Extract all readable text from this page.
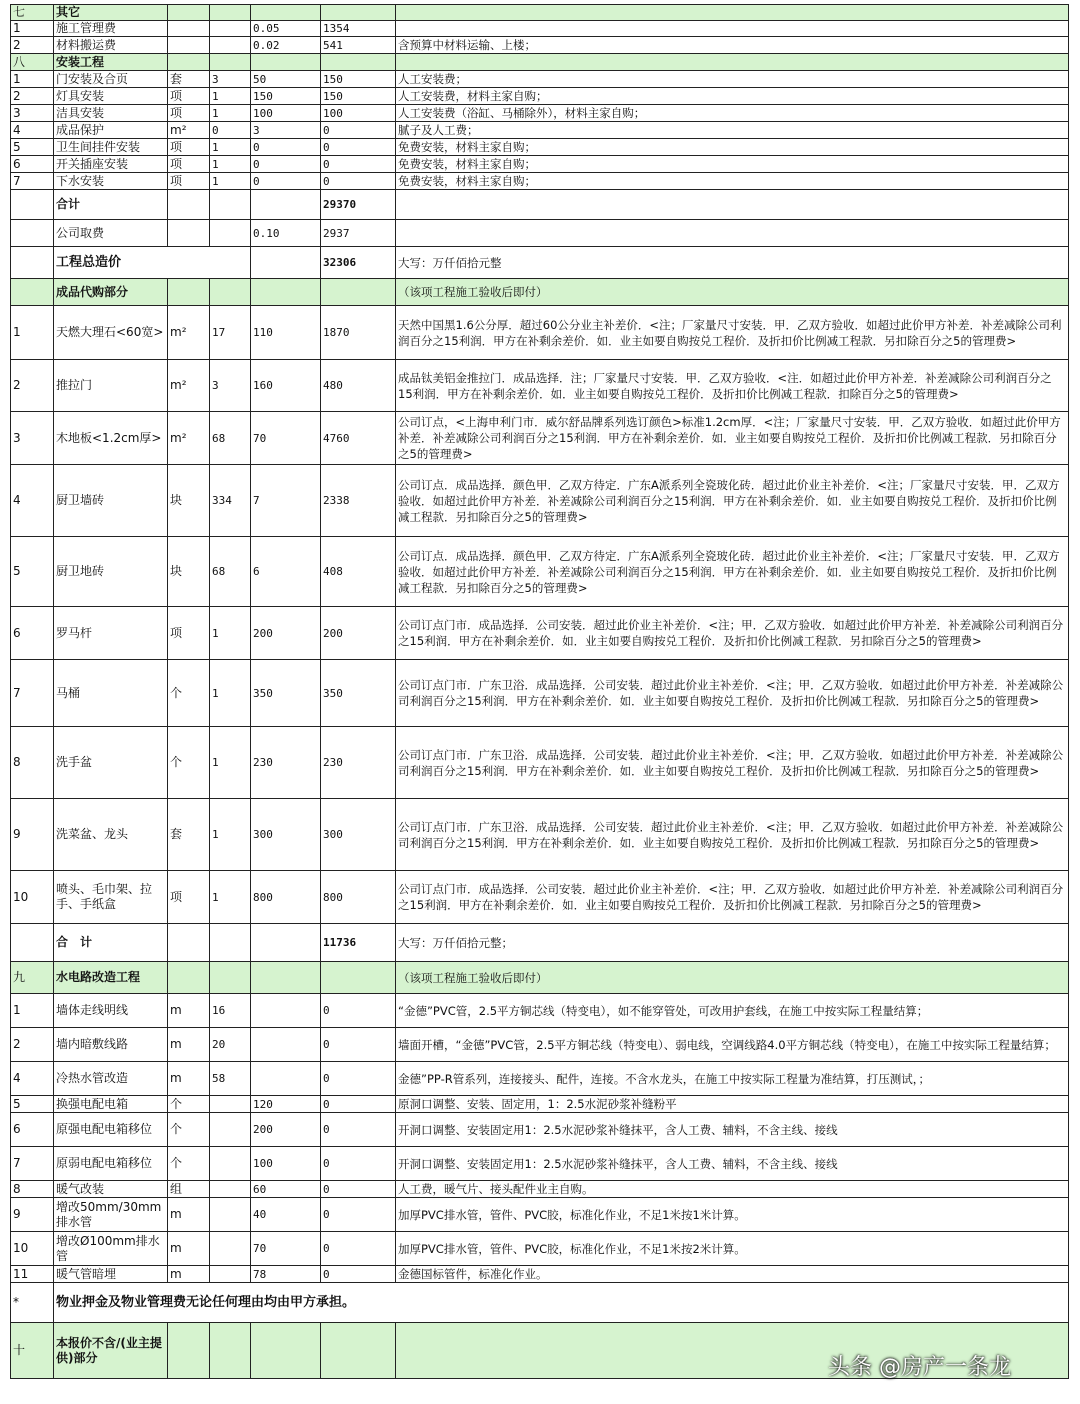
七	其它					
1	施工管理费			0.05	1354	
2	材料搬运费			0.02	541	含预算中材料运输、上楼；
八	安装工程					
1	门安装及合页	套	3	50	150	人工安装费；
2	灯具安装	项	1	150	150	人工安装费，材料主家自购；
3	洁具安装	项	1	100	100	人工安装费（浴缸、马桶除外），材料主家自购；
4	成品保护	m²	0	3	0	腻子及人工费；
5	卫生间挂件安装	项	1	0	0	免费安装，材料主家自购；
6	开关插座安装	项	1	0	0	免费安装，材料主家自购；
7	下水安装	项	1	0	0	免费安装，材料主家自购；
	合计				29370	
	公司取费			0.10	2937	
	工程总造价				32306	大写：万仟佰拾元整
	成品代购部分					（该项工程施工验收后即付）
1	天燃大理石<60宽>	m²	17	110	1870	天然中国黑1.6公分厚．超过60公分业主补差价．<注；厂家量尺寸安装．甲．乙双方验收．如超过此价甲方补差．补差减除公司利润百分之15利润．甲方在补剩余差价．如．业主如要自购按兑工程价．及折扣价比例减工程款．另扣除百分之5的管理费>
2	推拉门	m²	3	160	480	成品钛美铝金推拉门．成品选择．注；厂家量尺寸安装．甲．乙双方验收．<注．如超过此价甲方补差．补差减除公司利润百分之15利润．甲方在补剩余差价．如．业主如要自购按兑工程价．及折扣价比例减工程款．扣除百分之5的管理费>
3	木地板<1.2cm厚>	m²	68	70	4760	公司订点，<上海申利门市．威尔舒品牌系列选订颜色>标准1.2cm厚．<注；厂家量尺寸安装．甲．乙双方验收．如超过此价甲方补差．补差减除公司利润百分之15利润．甲方在补剩余差价．如．业主如要自购按兑工程价．及折扣价比例减工程款．另扣除百分之5的管理费>
4	厨卫墙砖	块	334	7	2338	公司订点．成品选择．颜色甲．乙双方待定．广东A派系列全瓷玻化砖．超过此价业主补差价．<注；厂家量尺寸安装．甲．乙双方验收．如超过此价甲方补差．补差减除公司利润百分之15利润．甲方在补剩余差价．如．业主如要自购按兑工程价．及折扣价比例减工程款．另扣除百分之5的管理费>
5	厨卫地砖	块	68	6	408	公司订点．成品选择．颜色甲．乙双方待定．广东A派系列全瓷玻化砖．超过此价业主补差价．<注；厂家量尺寸安装．甲．乙双方验收．如超过此价甲方补差．补差减除公司利润百分之15利润．甲方在补剩余差价．如．业主如要自购按兑工程价．及折扣价比例减工程款．另扣除百分之5的管理费>
6	罗马杆	项	1	200	200	公司订点门市．成品选择．公司安装．超过此价业主补差价．<注；甲．乙双方验收．如超过此价甲方补差．补差减除公司利润百分之15利润．甲方在补剩余差价．如．业主如要自购按兑工程价．及折扣价比例减工程款．另扣除百分之5的管理费>
7	马桶	个	1	350	350	公司订点门市．广东卫浴．成品选择．公司安装．超过此价业主补差价．<注；甲．乙双方验收．如超过此价甲方补差．补差减除公司利润百分之15利润．甲方在补剩余差价．如．业主如要自购按兑工程价．及折扣价比例减工程款．另扣除百分之5的管理费>
8	洗手盆	个	1	230	230	公司订点门市．广东卫浴．成品选择．公司安装．超过此价业主补差价．<注；甲．乙双方验收．如超过此价甲方补差．补差减除公司利润百分之15利润．甲方在补剩余差价．如．业主如要自购按兑工程价．及折扣价比例减工程款．另扣除百分之5的管理费>
9	洗菜盆、龙头	套	1	300	300	公司订点门市．广东卫浴．成品选择．公司安装．超过此价业主补差价．<注；甲．乙双方验收．如超过此价甲方补差．补差减除公司利润百分之15利润．甲方在补剩余差价．如．业主如要自购按兑工程价．及折扣价比例减工程款．另扣除百分之5的管理费>
10	喷头、毛巾架、拉手、手纸盒	项	1	800	800	公司订点门市．成品选择．公司安装．超过此价业主补差价．<注；甲．乙双方验收．如超过此价甲方补差．补差减除公司利润百分之15利润．甲方在补剩余差价．如．业主如要自购按兑工程价．及折扣价比例减工程款．另扣除百分之5的管理费>
	合　计				11736	大写：万仟佰拾元整；
九	水电路改造工程					（该项工程施工验收后即付）
1	墙体走线明线	m	16		0	“金德”PVC管，2.5平方铜芯线（特变电），如不能穿管处，可改用护套线，在施工中按实际工程量结算；
2	墙内暗敷线路	m	20		0	墙面开槽，“金德”PVC管，2.5平方铜芯线（特变电）、弱电线，空调线路4.0平方铜芯线（特变电），在施工中按实际工程量结算；
4	冷热水管改造	m	58		0	金德”PP-R管系列，连接接头、配件，连接。不含水龙头，在施工中按实际工程量为准结算，打压测试，；
5	换强电配电箱	个		120	0	原洞口调整、安装、固定用，1：2.5水泥砂浆补缝粉平
6	原强电配电箱移位	个		200	0	开洞口调整、安装固定用1：2.5水泥砂浆补缝抹平，含人工费、辅料，不含主线、接线
7	原弱电配电箱移位	个		100	0	开洞口调整、安装固定用1：2.5水泥砂浆补缝抹平，含人工费、辅料，不含主线、接线
8	暖气改装	组		60	0	人工费，暖气片、接头配件业主自购。
9	增改50mm/30mm排水管	m		40	0	加厚PVC排水管，管件、PVC胶，标准化作业，不足1米按1米计算。
10	增改Ø100mm排水管	m		70	0	加厚PVC排水管，管件、PVC胶，标准化作业，不足1米按2米计算。
11	暖气管暗埋	m		78	0	金德国标管件，标准化作业。
*	物业押金及物业管理费无论任何理由均由甲方承担。					
十	本报价不含/(业主提供)部分						头条 @房产一条龙
